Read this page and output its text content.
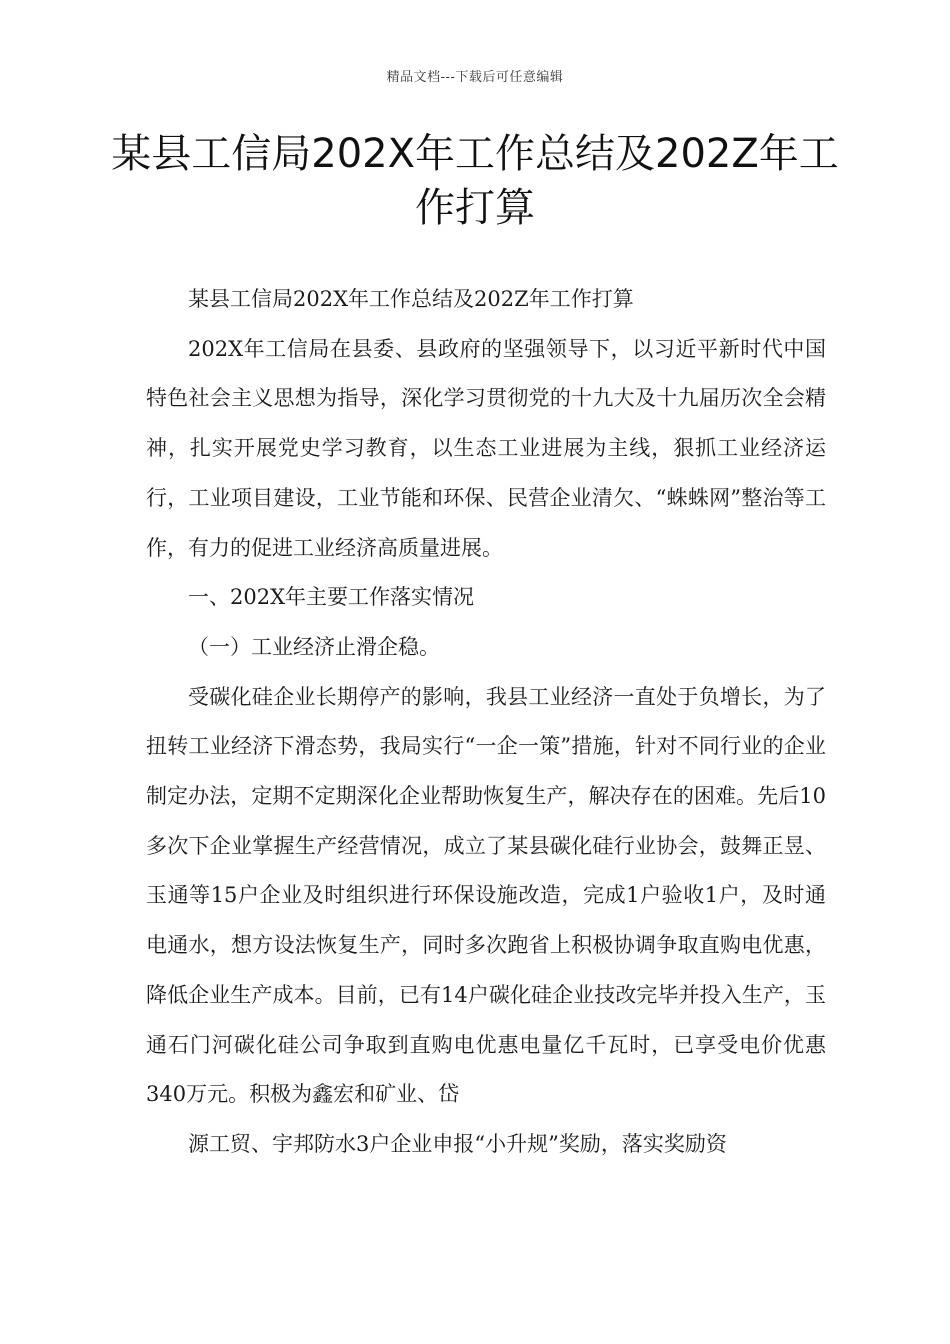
精品文档---下载后可任意编辑
某县工信局202X年工作总结及202Z年工作打算

某县工信局202X年工作总结及202Z年工作打算

202X年工信局在县委、县政府的坚强领导下，以习近平新时代中国特色社会主义思想为指导，深化学习贯彻党的十九大及十九届历次全会精神，扎实开展党史学习教育，以生态工业进展为主线，狠抓工业经济运行，工业项目建设，工业节能和环保、民营企业清欠、“蛛蛛网”整治等工作，有力的促进工业经济高质量进展。

一、202X年主要工作落实情况

（一）工业经济止滑企稳。

受碳化硅企业长期停产的影响，我县工业经济一直处于负增长，为了扭转工业经济下滑态势，我局实行“一企一策”措施，针对不同行业的企业制定办法，定期不定期深化企业帮助恢复生产，解决存在的困难。先后10多次下企业掌握生产经营情况，成立了某县碳化硅行业协会，鼓舞正昱、玉通等15户企业及时组织进行环保设施改造，完成1户验收1户，及时通电通水，想方设法恢复生产，同时多次跑省上积极协调争取直购电优惠，降低企业生产成本。目前，已有14户碳化硅企业技改完毕并投入生产，玉通石门河碳化硅公司争取到直购电优惠电量亿千瓦时，已享受电价优惠340万元。积极为鑫宏和矿业、岱

源工贸、宇邦防水3户企业申报“小升规”奖励，落实奖励资
